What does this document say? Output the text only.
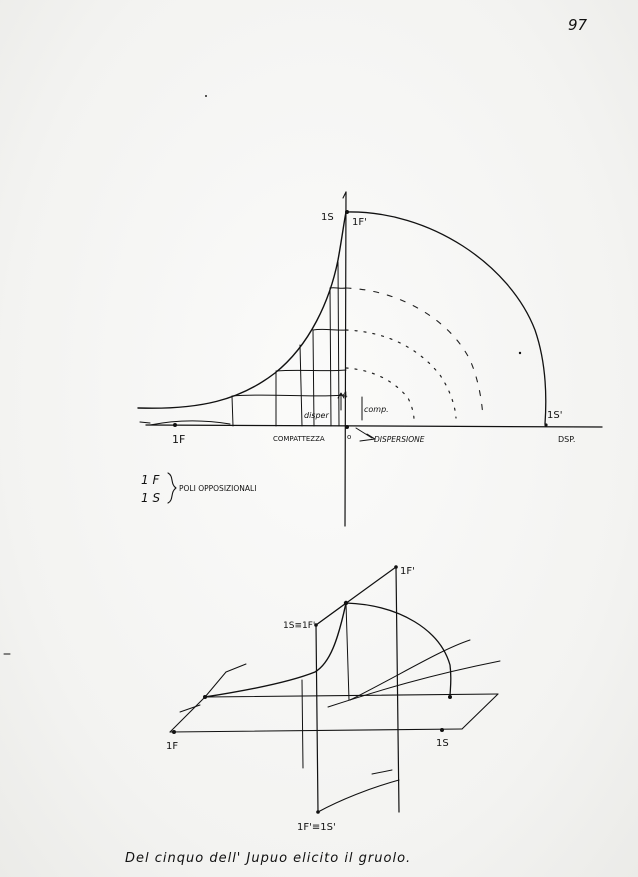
97
1S 1F'
1F
1S'
COMPATTEZZA	DISPERSIONE	DSP.
o
disper
comp.
4
1 F
1 S
POLI OPPOSIZIONALI
1F'
1S≡1F'
1F	1S
1F'≡1S'
Del cinquo dell' Jupuo elicito il gruolo.
